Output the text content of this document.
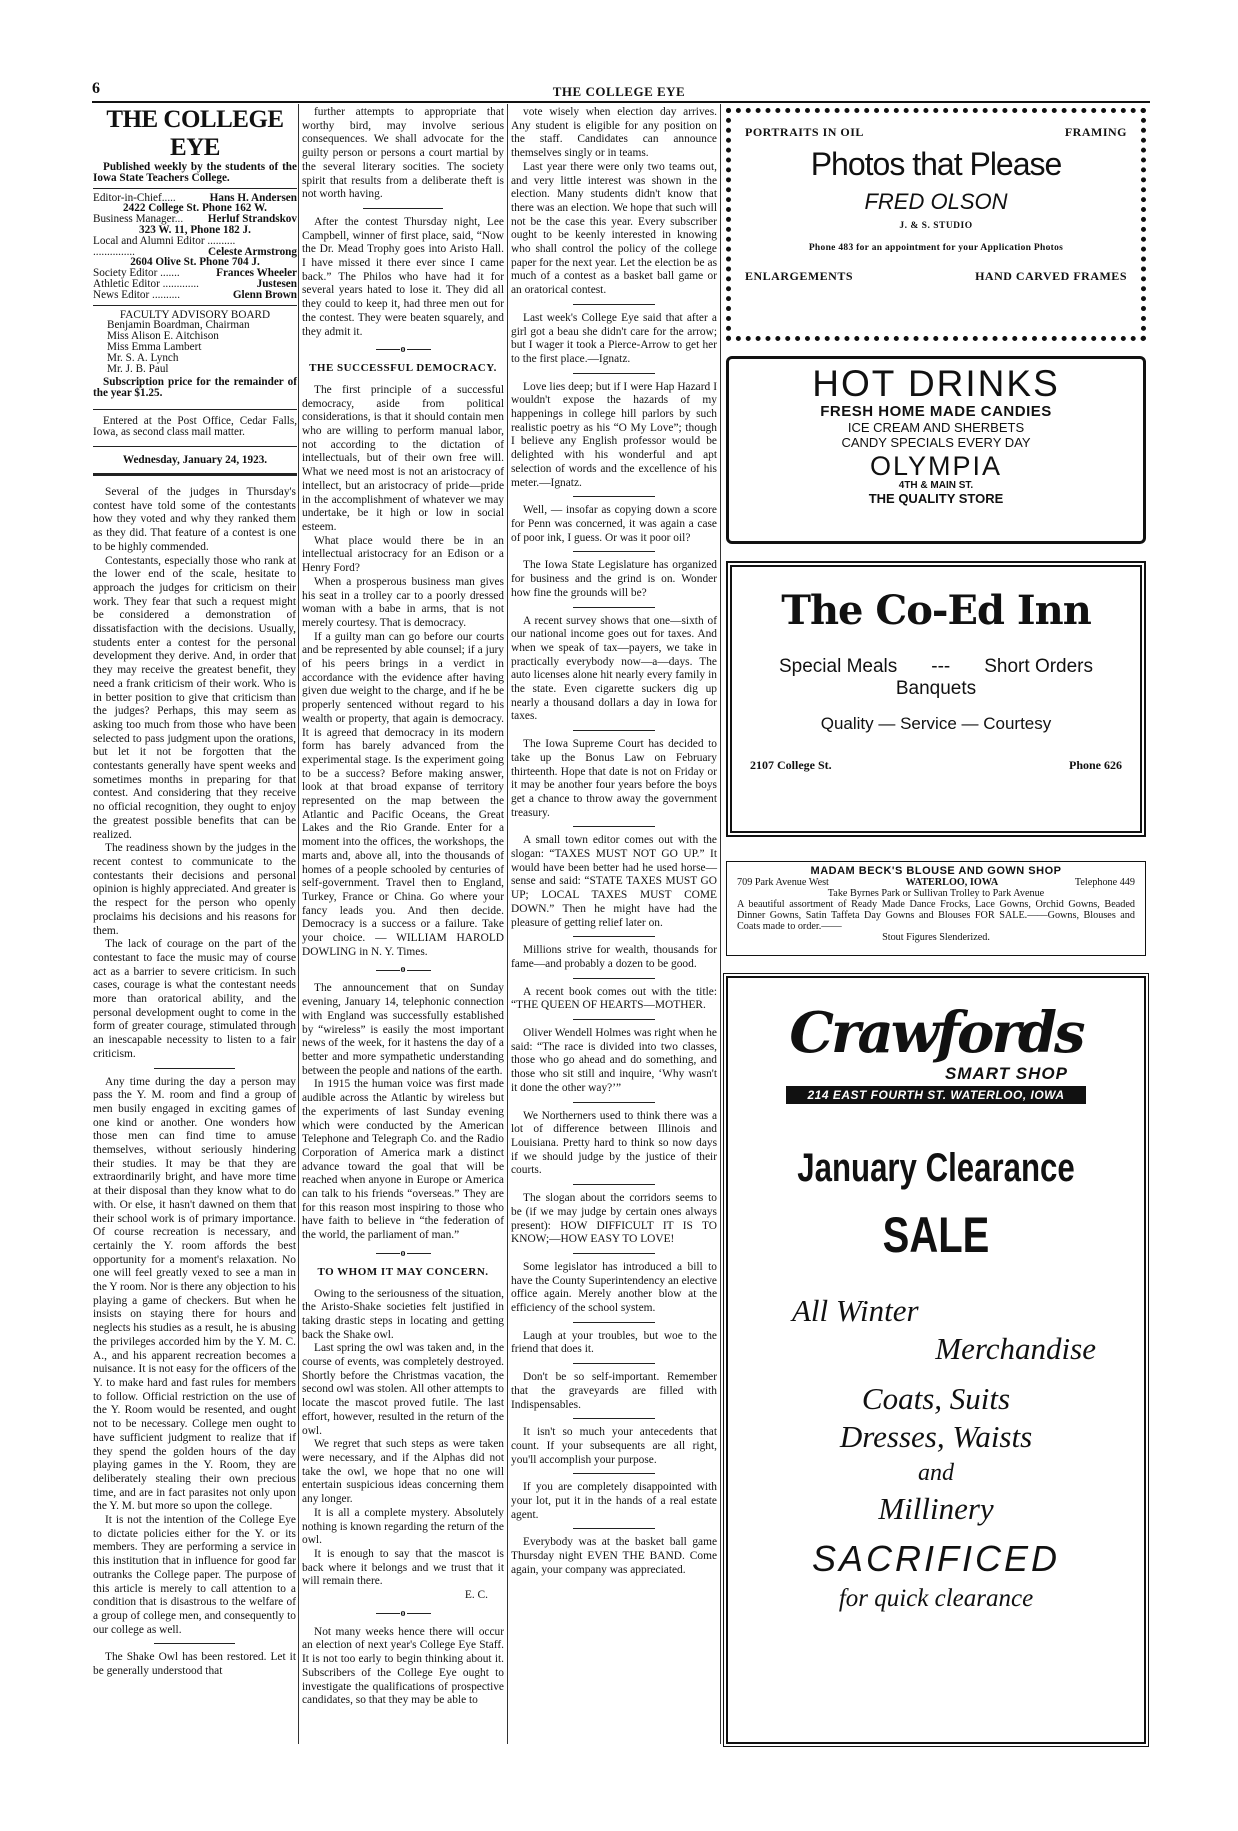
6	THE COLLEGE EYE
THE COLLEGE EYE
Published weekly by the students of the Iowa State Teachers College.
Editor-in-Chief.....	Hans H. Andersen
2422 College St. Phone 162 W.
Business Manager... Herluf Strandskov
323 W. 11, Phone 182 J.
Local and Alumni Editor ..........
...............	Celeste Armstrong
2604 Olive St. Phone 704 J.
Society Editor .......	Frances Wheeler
Athletic Editor .............	Justesen
News Editor ..........	Glenn Brown
FACULTY ADVISORY BOARD
Benjamin Boardman, Chairman
Miss Alison E. Aitchison
Miss Emma Lambert
Mr. S. A. Lynch
Mr. J. B. Paul
Subscription price for the remainder of the year $1.25.
Entered at the Post Office, Cedar Falls, Iowa, as second class mail matter.
Wednesday, January 24, 1923.

Several of the judges in Thursday's contest have told some of the contestants how they voted and why they ranked them as they did. That feature of a contest is one to be highly commended.

Contestants, especially those who rank at the lower end of the scale, hesitate to approach the judges for criticism on their work. They fear that such a request might be considered a demonstration of dissatisfaction with the decisions. Usually, students enter a contest for the personal development they derive. And, in order that they may receive the greatest benefit, they need a frank criticism of their work. Who is in better position to give that criticism than the judges? Perhaps, this may seem as asking too much from those who have been selected to pass judgment upon the orations, but let it not be forgotten that the contestants generally have spent weeks and sometimes months in preparing for that contest. And considering that they receive no official recognition, they ought to enjoy the greatest possible benefits that can be realized.

The readiness shown by the judges in the recent contest to communicate to the contestants their decisions and personal opinion is highly appreciated. And greater is the respect for the person who openly proclaims his decisions and his reasons for them.

The lack of courage on the part of the contestant to face the music may of course act as a barrier to severe criticism. In such cases, courage is what the contestant needs more than oratorical ability, and the personal development ought to come in the form of greater courage, stimulated through an inescapable necessity to listen to a fair criticism.

Any time during the day a person may pass the Y. M. room and find a group of men busily engaged in exciting games of one kind or another. One wonders how those men can find time to amuse themselves, without seriously hindering their studies. It may be that they are extraordinarily bright, and have more time at their disposal than they know what to do with. Or else, it hasn't dawned on them that their school work is of primary importance. Of course recreation is necessary, and certainly the Y. room affords the best opportunity for a moment's relaxation. No one will feel greatly vexed to see a man in the Y room. Nor is there any objection to his playing a game of checkers. But when he insists on staying there for hours and neglects his studies as a result, he is abusing the privileges accorded him by the Y. M. C. A., and his apparent recreation becomes a nuisance. It is not easy for the officers of the Y. to make hard and fast rules for members to follow. Official restriction on the use of the Y. Room would be resented, and ought not to be necessary. College men ought to have sufficient judgment to realize that if they spend the golden hours of the day playing games in the Y. Room, they are deliberately stealing their own precious time, and are in fact parasites not only upon the Y. M. but more so upon the college.

It is not the intention of the College Eye to dictate policies either for the Y. or its members. They are performing a service in this institution that in influence for good far outranks the College paper. The purpose of this article is merely to call attention to a condition that is disastrous to the welfare of a group of college men, and consequently to our college as well.

The Shake Owl has been restored. Let it be generally understood that

further attempts to appropriate that worthy bird, may involve serious consequences. We shall advocate for the guilty person or persons a court martial by the several literary socities. The society spirit that results from a deliberate theft is not worth having.

After the contest Thursday night, Lee Campbell, winner of first place, said, “Now the Dr. Mead Trophy goes into Aristo Hall. I have missed it there ever since I came back.” The Philos who have had it for several years hated to lose it. They did all they could to keep it, had three men out for the contest. They were beaten squarely, and they admit it.

o
THE SUCCESSFUL DEMOCRACY.

The first principle of a successful democracy, aside from political considerations, is that it should contain men who are willing to perform manual labor, not according to the dictation of intellectuals, but of their own free will. What we need most is not an aristocracy of intellect, but an aristocracy of pride—pride in the accomplishment of whatever we may undertake, be it high or low in social esteem.

What place would there be in an intellectual aristocracy for an Edison or a Henry Ford?

When a prosperous business man gives his seat in a trolley car to a poorly dressed woman with a babe in arms, that is not merely courtesy. That is democracy.

If a guilty man can go before our courts and be represented by able counsel; if a jury of his peers brings in a verdict in accordance with the evidence after having given due weight to the charge, and if he be properly sentenced without regard to his wealth or property, that again is democracy. It is agreed that democracy in its modern form has barely advanced from the experimental stage. Is the experiment going to be a success? Before making answer, look at that broad expanse of territory represented on the map between the Atlantic and Pacific Oceans, the Great Lakes and the Rio Grande. Enter for a moment into the offices, the workshops, the marts and, above all, into the thousands of homes of a people schooled by centuries of self-government. Travel then to England, Turkey, France or China. Go where your fancy leads you. And then decide. Democracy is a success or a failure. Take your choice. — WILLIAM HAROLD DOWLING in N. Y. Times.

o

The announcement that on Sunday evening, January 14, telephonic connection with England was successfully established by “wireless” is easily the most important news of the week, for it hastens the day of a better and more sympathetic understanding between the people and nations of the earth.

In 1915 the human voice was first made audible across the Atlantic by wireless but the experiments of last Sunday evening which were conducted by the American Telephone and Telegraph Co. and the Radio Corporation of America mark a distinct advance toward the goal that will be reached when anyone in Europe or America can talk to his friends “overseas.” They are for this reason most inspiring to those who have faith to believe in “the federation of the world, the parliament of man.”

o
TO WHOM IT MAY CONCERN.

Owing to the seriousness of the situation, the Aristo-Shake societies felt justified in taking drastic steps in locating and getting back the Shake owl.

Last spring the owl was taken and, in the course of events, was completely destroyed. Shortly before the Christmas vacation, the second owl was stolen. All other attempts to locate the mascot proved futile. The last effort, however, resulted in the return of the owl.

We regret that such steps as were taken were necessary, and if the Alphas did not take the owl, we hope that no one will entertain suspicious ideas concerning them any longer.

It is all a complete mystery. Absolutely nothing is known regarding the return of the owl.

It is enough to say that the mascot is back where it belongs and we trust that it will remain there.

E. C.

o

Not many weeks hence there will occur an election of next year's College Eye Staff. It is not too early to begin thinking about it. Subscribers of the College Eye ought to investigate the qualifications of prospective candidates, so that they may be able to

vote wisely when election day arrives. Any student is eligible for any position on the staff. Candidates can announce themselves singly or in teams.

Last year there were only two teams out, and very little interest was shown in the election. Many students didn't know that there was an election. We hope that such will not be the case this year. Every subscriber ought to be keenly interested in knowing who shall control the policy of the college paper for the next year. Let the election be as much of a contest as a basket ball game or an oratorical contest.

Last week's College Eye said that after a girl got a beau she didn't care for the arrow; but I wager it took a Pierce-Arrow to get her to the first place.—Ignatz.

Love lies deep; but if I were Hap Hazard I wouldn't expose the hazards of my happenings in college hill parlors by such realistic poetry as his “O My Love”; though I believe any English professor would be delighted with his wonderful and apt selection of words and the excellence of his meter.—Ignatz.

Well, — insofar as copying down a score for Penn was concerned, it was again a case of poor ink, I guess. Or was it poor oil?

The Iowa State Legislature has organized for business and the grind is on. Wonder how fine the grounds will be?

A recent survey shows that one—sixth of our national income goes out for taxes. And when we speak of tax—payers, we take in practically everybody now—a—days. The auto licenses alone hit nearly every family in the state. Even cigarette suckers dig up nearly a thousand dollars a day in Iowa for taxes.

The Iowa Supreme Court has decided to take up the Bonus Law on February thirteenth. Hope that date is not on Friday or it may be another four years before the boys get a chance to throw away the government treasury.

A small town editor comes out with the slogan: “TAXES MUST NOT GO UP.” It would have been better had he used horse—sense and said: “STATE TAXES MUST GO UP; LOCAL TAXES MUST COME DOWN.” Then he might have had the pleasure of getting relief later on.

Millions strive for wealth, thousands for fame—and probably a dozen to be good.

A recent book comes out with the title: “THE QUEEN OF HEARTS—MOTHER.

Oliver Wendell Holmes was right when he said: “The race is divided into two classes, those who go ahead and do something, and those who sit still and inquire, ‘Why wasn't it done the other way?’”

We Northerners used to think there was a lot of difference between Illinois and Louisiana. Pretty hard to think so now days if we should judge by the justice of their courts.

The slogan about the corridors seems to be (if we may judge by certain ones always present): HOW DIFFICULT IT IS TO KNOW;—HOW EASY TO LOVE!

Some legislator has introduced a bill to have the County Superintendency an elective office again. Merely another blow at the efficiency of the school system.

Laugh at your troubles, but woe to the friend that does it.

Don't be so self-important. Remember that the graveyards are filled with Indispensables.

It isn't so much your antecedents that count. If your subsequents are all right, you'll accomplish your purpose.

If you are completely disappointed with your lot, put it in the hands of a real estate agent.

Everybody was at the basket ball game Thursday night EVEN THE BAND. Come again, your company was appreciated.

PORTRAITS IN OIL	FRAMING
Photos that Please
FRED OLSON
J. & S. STUDIO
Phone 483 for an appointment for your Application Photos
ENLARGEMENTS	HAND CARVED FRAMES
HOT DRINKS
FRESH HOME MADE CANDIES
ICE CREAM AND SHERBETS
CANDY SPECIALS EVERY DAY
OLYMPIA
4TH & MAIN ST.
THE QUALITY STORE
The Co-Ed Inn
Special Meals --- Short Orders
Banquets
Quality — Service — Courtesy
2107 College St.	Phone 626
MADAM BECK'S BLOUSE AND GOWN SHOP
709 Park Avenue West	WATERLOO, IOWA	Telephone 449
Take Byrnes Park or Sullivan Trolley to Park Avenue
A beautiful assortment of Ready Made Dance Frocks, Lace Gowns, Orchid Gowns, Beaded Dinner Gowns, Satin Taffeta Day Gowns and Blouses FOR SALE.——Gowns, Blouses and Coats made to order.——
Stout Figures Slenderized.
Crawfords
SMART SHOP
214 EAST FOURTH ST. WATERLOO, IOWA
January Clearance
SALE
All Winter
Merchandise
Coats, Suits
Dresses, Waists
and
Millinery
SACRIFICED
for quick clearance
